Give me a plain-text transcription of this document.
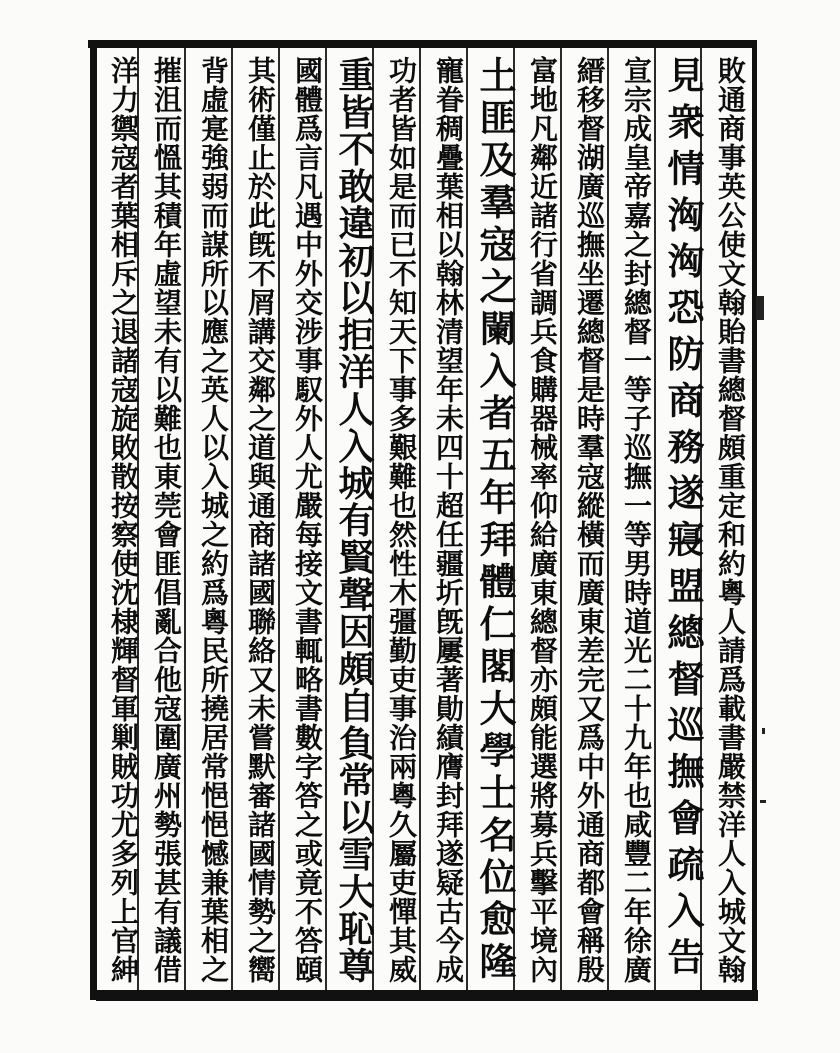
敗通商事英公使文翰貽書總督頗重定和約粵人請爲載書嚴禁洋人入城文翰
見衆情洶洶恐防商務遂寢盟總督巡撫會疏入告
宣宗成皇帝嘉之封總督一等子巡撫一等男時道光二十九年也咸豐二年徐廣
縉移督湖廣巡撫坐遷總督是時羣寇縱橫而廣東差完又爲中外通商都會稱殷
富地凡鄰近諸行省調兵食購器械率仰給廣東總督亦頗能選將募兵擊平境內
土匪及羣寇之闌入者五年拜體仁閣大學士名位愈隆
寵眷稠疊葉相以翰林清望年未四十超任疆圻旣屢著勛績膺封拜遂疑古今成
功者皆如是而已不知天下事多艱難也然性木彊勤吏事治兩粵久屬吏憚其威
重皆不敢違初以拒洋人入城有賢聲因頗自負常以雪大恥尊
國體爲言凡遇中外交涉事馭外人尤嚴每接文書輒略書數字答之或竟不答頤
其術僅止於此旣不屑講交鄰之道與通商諸國聯絡又未嘗默審諸國情勢之嚮
背虛寔強弱而謀所以應之英人以入城之約爲粵民所撓居常悒悒憾兼葉相之
摧沮而慍其積年虛望未有以難也東莞會匪倡亂合他寇圍廣州勢張甚有議借
洋力禦寇者葉相斥之退諸寇旋敗散按察使沈棣輝督軍剿賊功尤多列上官紳
